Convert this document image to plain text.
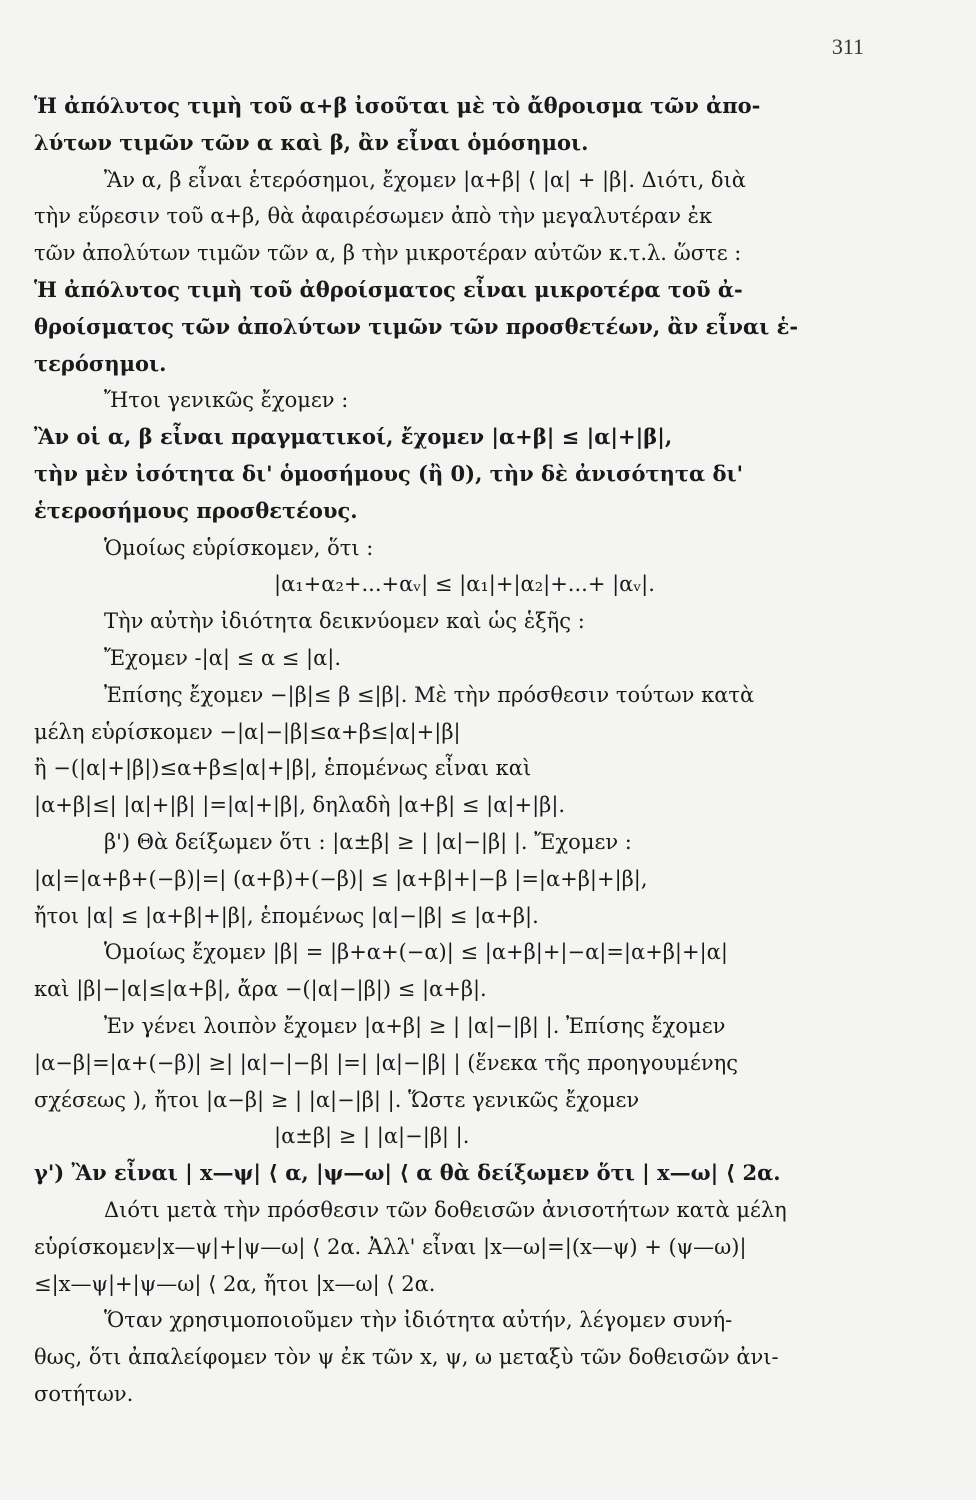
311
Ἡ ἀπόλυτος τιμὴ τοῦ α+β ἰσοῦται μὲ τὸ ἄθροισμα τῶν ἀπο-
λύτων τιμῶν τῶν α καὶ β, ἂν εἶναι ὁμόσημοι.
Ἂν α, β εἶναι ἑτερόσημοι, ἔχομεν |α+β| ⟨ |α| + |β|. Διότι, διὰ
τὴν εὕρεσιν τοῦ α+β, θὰ ἀφαιρέσωμεν ἀπὸ τὴν μεγαλυτέραν ἐκ
τῶν ἀπολύτων τιμῶν τῶν α, β τὴν μικροτέραν αὐτῶν κ.τ.λ. ὥστε :
Ἡ ἀπόλυτος τιμὴ τοῦ ἀθροίσματος εἶναι μικροτέρα τοῦ ἀ-
θροίσματος τῶν ἀπολύτων τιμῶν τῶν προσθετέων, ἂν εἶναι ἑ-
τερόσημοι.
Ἤτοι γενικῶς ἔχομεν :
Ἂν οἱ α, β εἶναι πραγματικοί, ἔχομεν |α+β| ≤ |α|+|β|,
τὴν μὲν ἰσότητα δι' ὁμοσήμους (ἢ 0), τὴν δὲ ἀνισότητα δι'
ἑτεροσήμους προσθετέους.
Ὁμοίως εὑρίσκομεν, ὅτι :
|α₁+α₂+...+αᵥ| ≤ |α₁|+|α₂|+...+ |αᵥ|.
Τὴν αὐτὴν ἰδιότητα δεικνύομεν καὶ ὡς ἑξῆς :
Ἔχομεν -|α| ≤ α ≤ |α|.
Ἐπίσης ἔχομεν −|β|≤ β ≤|β|. Μὲ τὴν πρόσθεσιν τούτων κατὰ
μέλη εὑρίσκομεν −|α|−|β|≤α+β≤|α|+|β|
ἢ −(|α|+|β|)≤α+β≤|α|+|β|, ἑπομένως εἶναι καὶ
|α+β|≤| |α|+|β| |=|α|+|β|, δηλαδὴ |α+β| ≤ |α|+|β|.
β') Θὰ δείξωμεν ὅτι : |α±β| ≥ | |α|−|β| |. Ἔχομεν :
|α|=|α+β+(−β)|=| (α+β)+(−β)| ≤ |α+β|+|−β |=|α+β|+|β|,
ἤτοι |α| ≤ |α+β|+|β|, ἑπομένως |α|−|β| ≤ |α+β|.
Ὁμοίως ἔχομεν |β| = |β+α+(−α)| ≤ |α+β|+|−α|=|α+β|+|α|
καὶ |β|−|α|≤|α+β|, ἄρα −(|α|−|β|) ≤ |α+β|.
Ἐν γένει λοιπὸν ἔχομεν |α+β| ≥ | |α|−|β| |. Ἐπίσης ἔχομεν
|α−β|=|α+(−β)| ≥| |α|−|−β| |=| |α|−|β| | (ἕνεκα τῆς προηγουμένης
σχέσεως ), ἤτοι |α−β| ≥ | |α|−|β| |. Ὥστε γενικῶς ἔχομεν
|α±β| ≥ | |α|−|β| |.
γ') Ἂν εἶναι | x—ψ| ⟨ α, |ψ—ω| ⟨ α θὰ δείξωμεν ὅτι | x—ω| ⟨ 2α.
Διότι μετὰ τὴν πρόσθεσιν τῶν δοθεισῶν ἀνισοτήτων κατὰ μέλη
εὑρίσκομεν|x—ψ|+|ψ—ω| ⟨ 2α. Ἀλλ' εἶναι |x—ω|=|(x—ψ) + (ψ—ω)|
≤|x—ψ|+|ψ—ω| ⟨ 2α, ἤτοι |x—ω| ⟨ 2α.
Ὅταν χρησιμοποιοῦμεν τὴν ἰδιότητα αὐτήν, λέγομεν συνή-
θως, ὅτι ἀπαλείφομεν τὸν ψ ἐκ τῶν x, ψ, ω μεταξὺ τῶν δοθεισῶν ἀνι-
σοτήτων.
